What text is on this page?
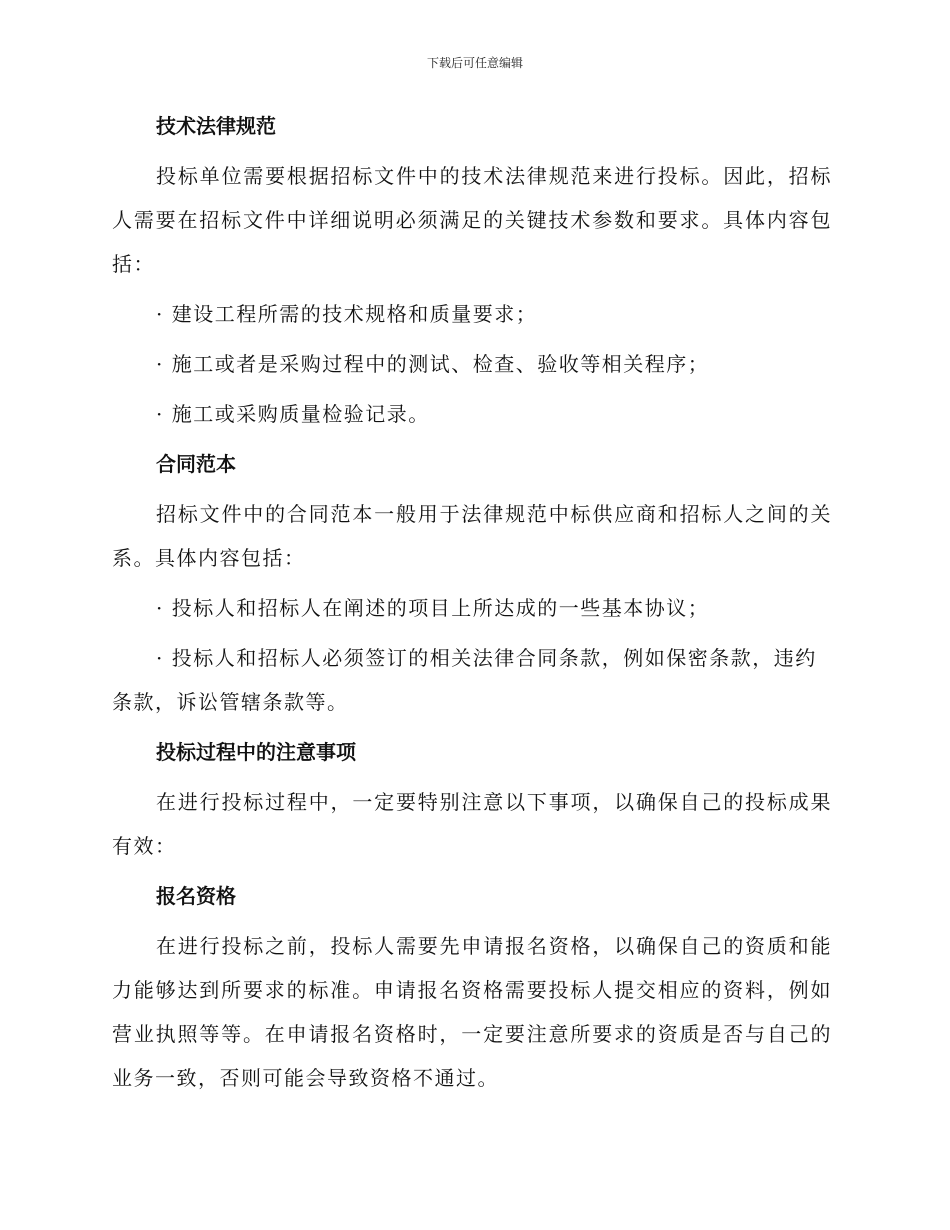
下载后可任意编辑
技术法律规范

投标单位需要根据招标文件中的技术法律规范来进行投标。因此，招标人需要在招标文件中详细说明必须满足的关键技术参数和要求。具体内容包括：

· 建设工程所需的技术规格和质量要求；

· 施工或者是采购过程中的测试、检查、验收等相关程序；

· 施工或采购质量检验记录。

合同范本

招标文件中的合同范本一般用于法律规范中标供应商和招标人之间的关系。具体内容包括：

· 投标人和招标人在阐述的项目上所达成的一些基本协议；

· 投标人和招标人必须签订的相关法律合同条款，例如保密条款，违约条款，诉讼管辖条款等。

投标过程中的注意事项

在进行投标过程中，一定要特别注意以下事项，以确保自己的投标成果有效：

报名资格

在进行投标之前，投标人需要先申请报名资格，以确保自己的资质和能力能够达到所要求的标准。申请报名资格需要投标人提交相应的资料，例如营业执照等等。在申请报名资格时，一定要注意所要求的资质是否与自己的业务一致，否则可能会导致资格不通过。
